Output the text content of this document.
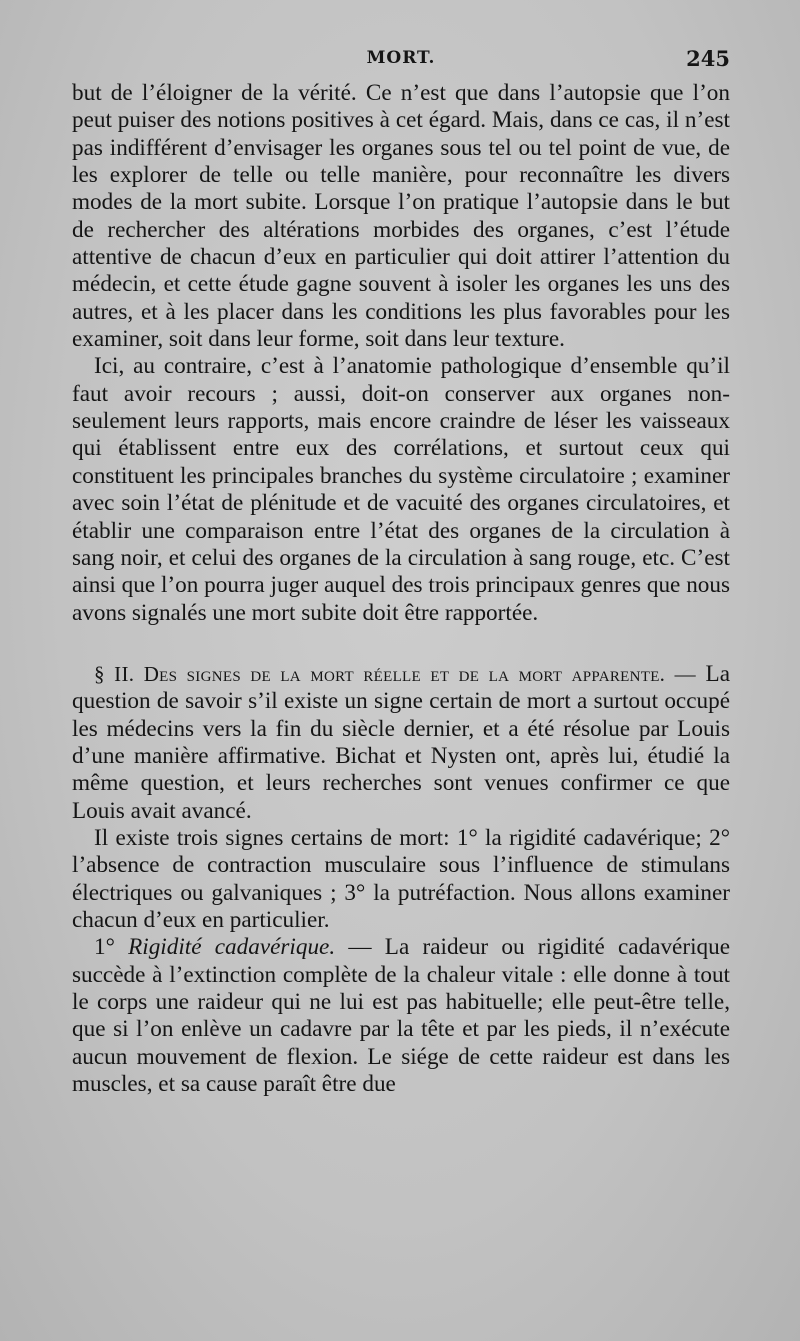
MORT.	245

but de l’éloigner de la vérité. Ce n’est que dans l’autopsie que l’on peut puiser des notions positives à cet égard. Mais, dans ce cas, il n’est pas indifférent d’envisager les organes sous tel ou tel point de vue, de les explorer de telle ou telle manière, pour reconnaître les divers modes de la mort subite. Lorsque l’on pratique l’autopsie dans le but de rechercher des altérations morbides des organes, c’est l’étude attentive de chacun d’eux en particulier qui doit attirer l’attention du médecin, et cette étude gagne souvent à isoler les organes les uns des autres, et à les placer dans les conditions les plus favorables pour les examiner, soit dans leur forme, soit dans leur texture.

Ici, au contraire, c’est à l’anatomie pathologique d’ensemble qu’il faut avoir recours ; aussi, doit-on conserver aux organes non-seulement leurs rapports, mais encore craindre de léser les vaisseaux qui établissent entre eux des corrélations, et surtout ceux qui constituent les principales branches du système circulatoire ; examiner avec soin l’état de plénitude et de vacuité des organes circulatoires, et établir une comparaison entre l’état des organes de la circulation à sang noir, et celui des organes de la circulation à sang rouge, etc. C’est ainsi que l’on pourra juger auquel des trois principaux genres que nous avons signalés une mort subite doit être rapportée.

§ II. Des signes de la mort réelle et de la mort apparente. — La question de savoir s’il existe un signe certain de mort a surtout occupé les médecins vers la fin du siècle dernier, et a été résolue par Louis d’une manière affirmative. Bichat et Nysten ont, après lui, étudié la même question, et leurs recherches sont venues confirmer ce que Louis avait avancé.

Il existe trois signes certains de mort: 1° la rigidité cadavérique; 2° l’absence de contraction musculaire sous l’influence de stimulans électriques ou galvaniques ; 3° la putréfaction. Nous allons examiner chacun d’eux en particulier.

1° Rigidité cadavérique. — La raideur ou rigidité cadavérique succède à l’extinction complète de la chaleur vitale : elle donne à tout le corps une raideur qui ne lui est pas habituelle; elle peut-être telle, que si l’on enlève un cadavre par la tête et par les pieds, il n’exécute aucun mouvement de flexion. Le siége de cette raideur est dans les muscles, et sa cause paraît être due
